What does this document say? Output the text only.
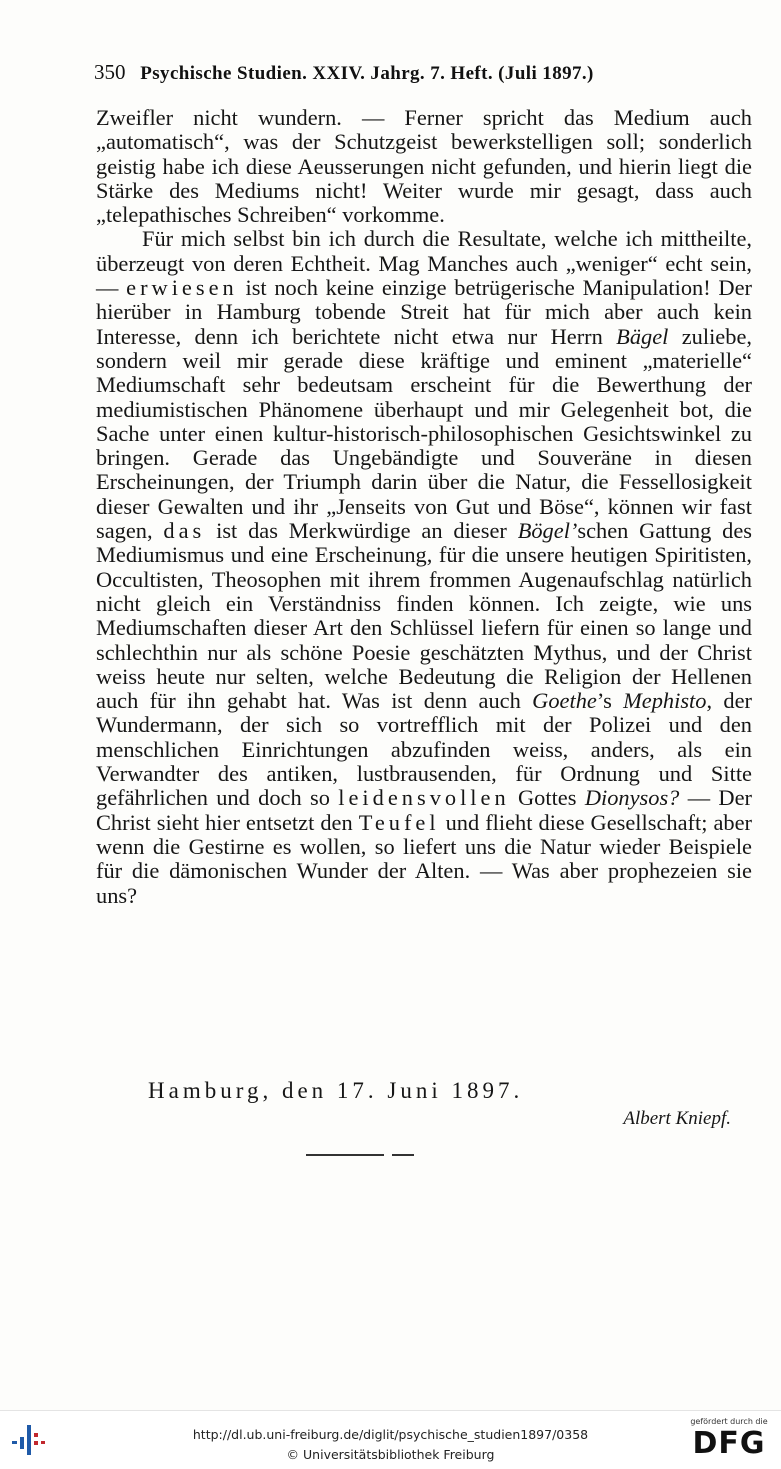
350 Psychische Studien. XXIV. Jahrg. 7. Heft. (Juli 1897.)

Zweifler nicht wundern. — Ferner spricht das Medium auch „automatisch“, was der Schutzgeist bewerkstelligen soll; sonderlich geistig habe ich diese Aeusserungen nicht gefunden, und hierin liegt die Stärke des Mediums nicht! Weiter wurde mir gesagt, dass auch „telepathisches Schreiben“ vorkomme.

Für mich selbst bin ich durch die Resultate, welche ich mittheilte, überzeugt von deren Echtheit. Mag Manches auch „weniger“ echt sein, — erwiesen ist noch keine einzige betrügerische Manipulation! Der hierüber in Hamburg tobende Streit hat für mich aber auch kein Interesse, denn ich berichtete nicht etwa nur Herrn Bägel zuliebe, sondern weil mir gerade diese kräftige und eminent „materielle“ Mediumschaft sehr bedeutsam erscheint für die Bewerthung der mediumistischen Phänomene überhaupt und mir Gelegenheit bot, die Sache unter einen kultur-historisch-philosophischen Gesichtswinkel zu bringen. Gerade das Ungebändigte und Souveräne in diesen Erscheinungen, der Triumph darin über die Natur, die Fessellosigkeit dieser Gewalten und ihr „Jenseits von Gut und Böse“, können wir fast sagen, das ist das Merkwürdige an dieser Bögel’schen Gattung des Mediumismus und eine Erscheinung, für die unsere heutigen Spiritisten, Occultisten, Theosophen mit ihrem frommen Augenaufschlag natürlich nicht gleich ein Verständniss finden können. Ich zeigte, wie uns Mediumschaften dieser Art den Schlüssel liefern für einen so lange und schlechthin nur als schöne Poesie geschätzten Mythus, und der Christ weiss heute nur selten, welche Bedeutung die Religion der Hellenen auch für ihn gehabt hat. Was ist denn auch Goethe’s Mephisto, der Wundermann, der sich so vortrefflich mit der Polizei und den menschlichen Einrichtungen abzufinden weiss, anders, als ein Verwandter des antiken, lustbrausenden, für Ordnung und Sitte gefährlichen und doch so leidensvollen Gottes Dionysos? — Der Christ sieht hier entsetzt den Teufel und flieht diese Gesellschaft; aber wenn die Gestirne es wollen, so liefert uns die Natur wieder Beispiele für die dämonischen Wunder der Alten. — Was aber prophezeien sie uns?

Hamburg, den 17. Juni 1897.
Albert Kniepf.
http://dl.ub.uni-freiburg.de/diglit/psychische_studien1897/0358
© Universitätsbibliothek Freiburg
gefördert durch die
DFG
